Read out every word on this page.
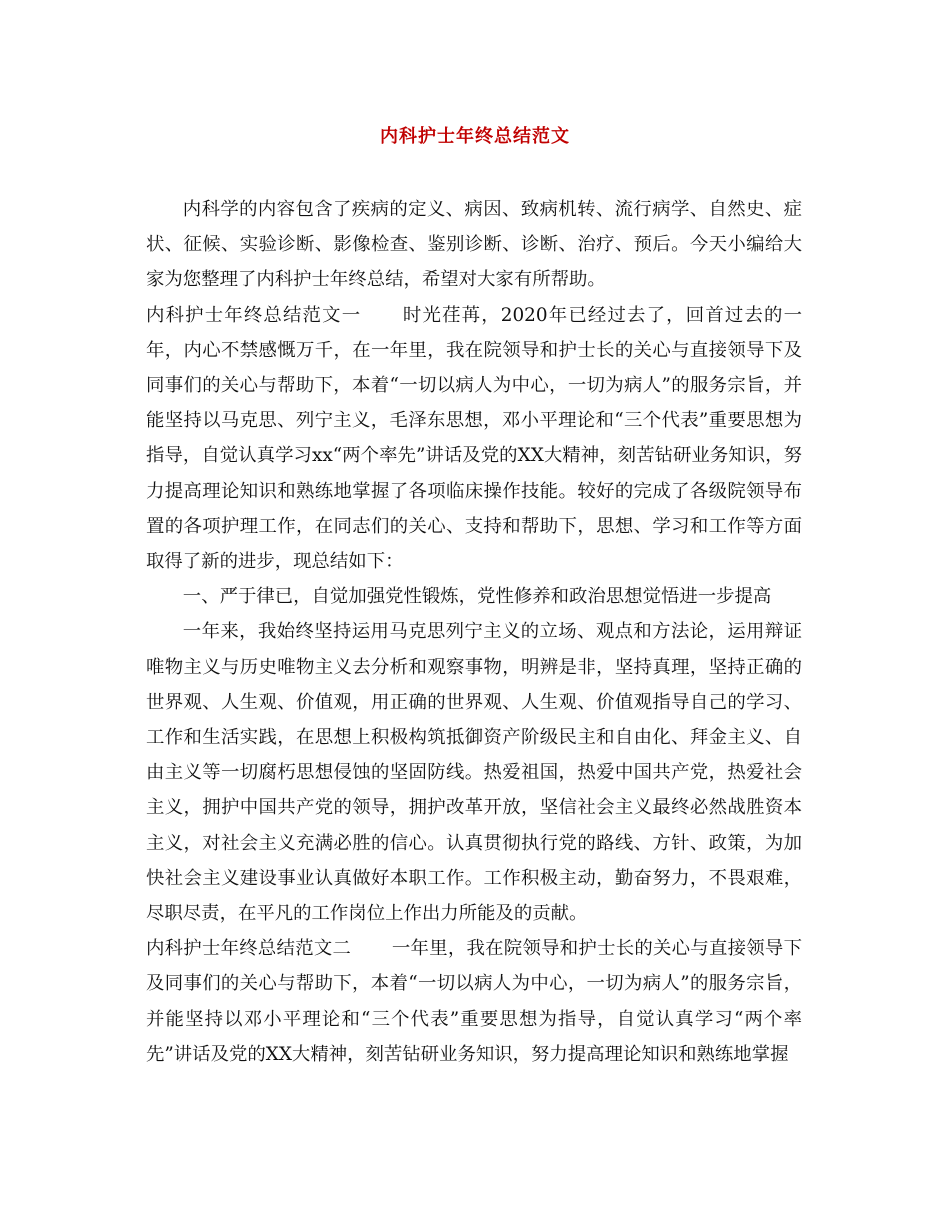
内科护士年终总结范文

内科学的内容包含了疾病的定义、病因、致病机转、流行病学、自然史、症状、征候、实验诊断、影像检查、鉴别诊断、诊断、治疗、预后。今天小编给大家为您整理了内科护士年终总结，希望对大家有所帮助。

内科护士年终总结范文一 时光荏苒，2020年已经过去了，回首过去的一年，内心不禁感慨万千，在一年里，我在院领导和护士长的关心与直接领导下及同事们的关心与帮助下，本着“一切以病人为中心，一切为病人”的服务宗旨，并能坚持以马克思、列宁主义，毛泽东思想，邓小平理论和“三个代表”重要思想为指导，自觉认真学习xx“两个率先”讲话及党的XX大精神，刻苦钻研业务知识，努力提高理论知识和熟练地掌握了各项临床操作技能。较好的完成了各级院领导布置的各项护理工作，在同志们的关心、支持和帮助下，思想、学习和工作等方面取得了新的进步，现总结如下：

一、严于律已，自觉加强党性锻炼，党性修养和政治思想觉悟进一步提高

一年来，我始终坚持运用马克思列宁主义的立场、观点和方法论，运用辩证唯物主义与历史唯物主义去分析和观察事物，明辨是非，坚持真理，坚持正确的世界观、人生观、价值观，用正确的世界观、人生观、价值观指导自己的学习、工作和生活实践，在思想上积极构筑抵御资产阶级民主和自由化、拜金主义、自由主义等一切腐朽思想侵蚀的坚固防线。热爱祖国，热爱中国共产党，热爱社会主义，拥护中国共产党的领导，拥护改革开放，坚信社会主义最终必然战胜资本主义，对社会主义充满必胜的信心。认真贯彻执行党的路线、方针、政策，为加快社会主义建设事业认真做好本职工作。工作积极主动，勤奋努力，不畏艰难，尽职尽责，在平凡的工作岗位上作出力所能及的贡献。

内科护士年终总结范文二 一年里，我在院领导和护士长的关心与直接领导下及同事们的关心与帮助下，本着“一切以病人为中心，一切为病人”的服务宗旨，并能坚持以邓小平理论和“三个代表”重要思想为指导，自觉认真学习“两个率先”讲话及党的XX大精神，刻苦钻研业务知识，努力提高理论知识和熟练地掌握
